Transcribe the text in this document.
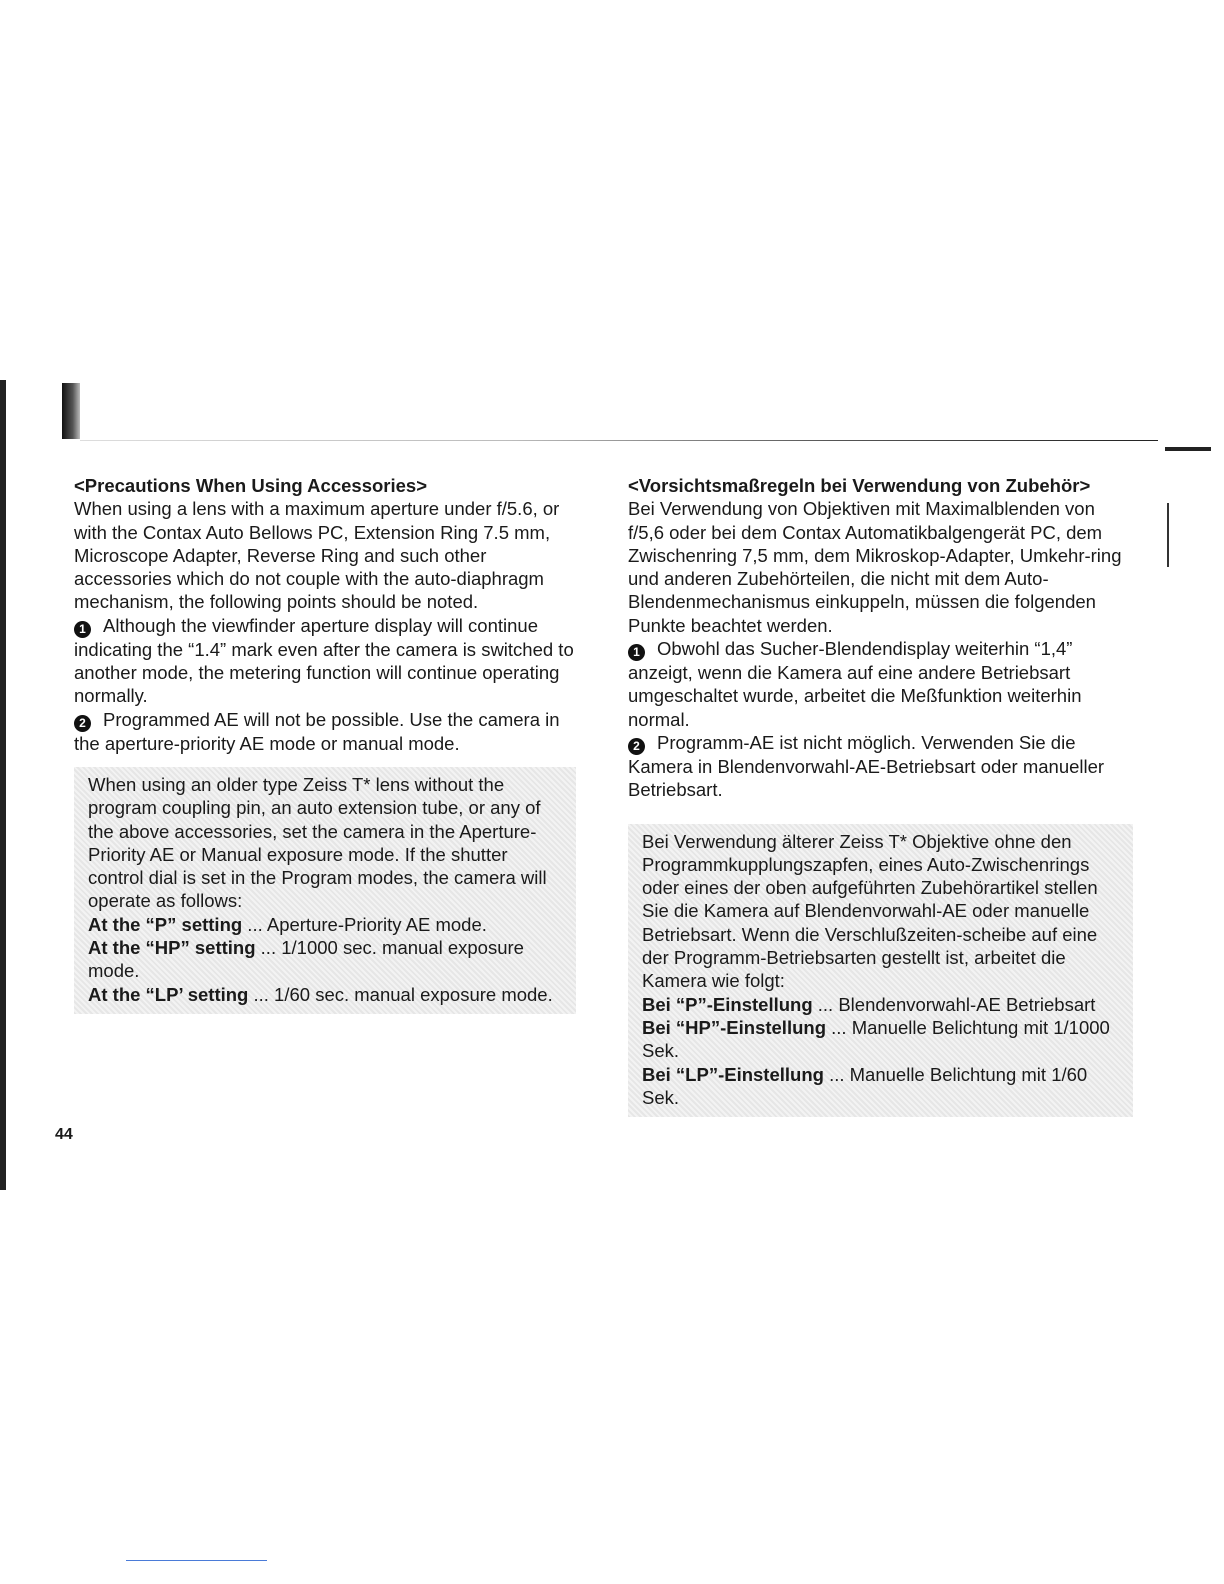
<Precautions When Using Accessories>

When using a lens with a maximum aperture under f/5.6, or with the Contax Auto Bellows PC, Extension Ring 7.5 mm, Microscope Adapter, Reverse Ring and such other accessories which do not couple with the auto-diaphragm mechanism, the following points should be noted.

1 Although the viewfinder aperture display will continue indicating the “1.4” mark even after the camera is switched to another mode, the metering function will continue operating normally.

2 Programmed AE will not be possible. Use the camera in the aperture-priority AE mode or manual mode.

When using an older type Zeiss T* lens without the program coupling pin, an auto extension tube, or any of the above accessories, set the camera in the Aperture-Priority AE or Manual exposure mode. If the shutter control dial is set in the Program modes, the camera will operate as follows:

At the “P” setting ... Aperture-Priority AE mode.

At the “HP” setting ... 1/1000 sec. manual exposure mode.

At the “LP’ setting ... 1/60 sec. manual exposure mode.

<Vorsichtsmaßregeln bei Verwendung von Zubehör>

Bei Verwendung von Objektiven mit Maximalblenden von f/5,6 oder bei dem Contax Automatikbalgengerät PC, dem Zwischenring 7,5 mm, dem Mikroskop-Adapter, Umkehr-ring und anderen Zubehörteilen, die nicht mit dem Auto-Blendenmechanismus einkuppeln, müssen die folgenden Punkte beachtet werden.

1 Obwohl das Sucher-Blendendisplay weiterhin “1,4” anzeigt, wenn die Kamera auf eine andere Betriebsart umgeschaltet wurde, arbeitet die Meßfunktion weiterhin normal.

2 Programm-AE ist nicht möglich. Verwenden Sie die Kamera in Blendenvorwahl-AE-Betriebsart oder manueller Betriebsart.

Bei Verwendung älterer Zeiss T* Objektive ohne den Programmkupplungszapfen, eines Auto-Zwischenrings oder eines der oben aufgeführten Zubehörartikel stellen Sie die Kamera auf Blendenvorwahl-AE oder manuelle Betriebsart. Wenn die Verschlußzeiten-scheibe auf eine der Programm-Betriebsarten gestellt ist, arbeitet die Kamera wie folgt:

Bei “P”-Einstellung ... Blendenvorwahl-AE Betriebsart

Bei “HP”-Einstellung ... Manuelle Belichtung mit 1/1000 Sek.

Bei “LP”-Einstellung ... Manuelle Belichtung mit 1/60 Sek.

44
